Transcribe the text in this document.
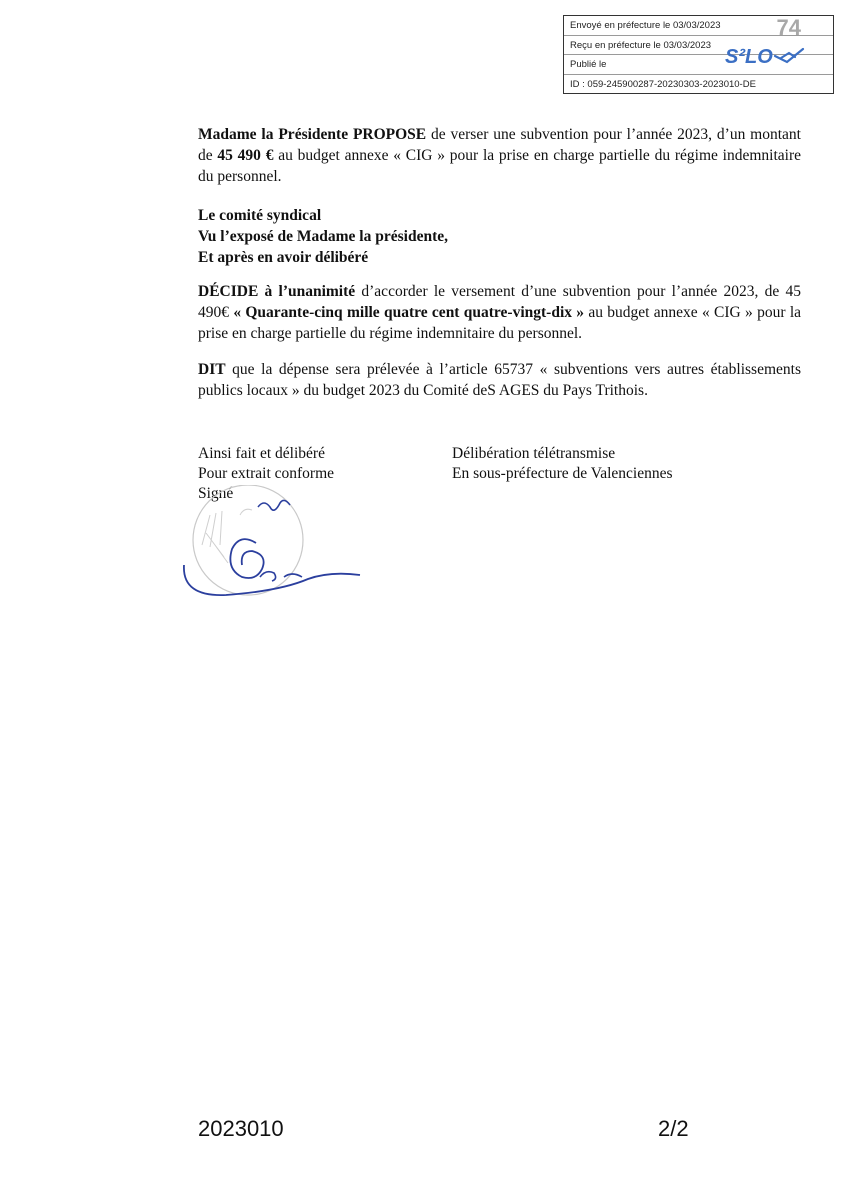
Envoyé en préfecture le 03/03/2023
Reçu en préfecture le 03/03/2023
Publié le
ID : 059-245900287-20230303-2023010-DE
74
S²LO
Madame la Présidente PROPOSE de verser une subvention pour l’année 2023, d’un montant de 45 490 € au budget annexe « CIG » pour la prise en charge partielle du régime indemnitaire du personnel.
Le comité syndical
Vu l’exposé de Madame la présidente,
Et après en avoir délibéré
DÉCIDE à l’unanimité d’accorder le versement d’une subvention pour l’année 2023, de 45 490€ « Quarante-cinq mille quatre cent quatre-vingt-dix » au budget annexe « CIG » pour la prise en charge partielle du régime indemnitaire du personnel.
DIT que la dépense sera prélevée à l’article 65737 « subventions vers autres établissements publics locaux » du budget 2023 du Comité deS AGES du Pays Trithois.
Ainsi fait et délibéré
Pour extrait conforme
Signé
Délibération télétransmise
En sous-préfecture de Valenciennes
2023010	2/2
